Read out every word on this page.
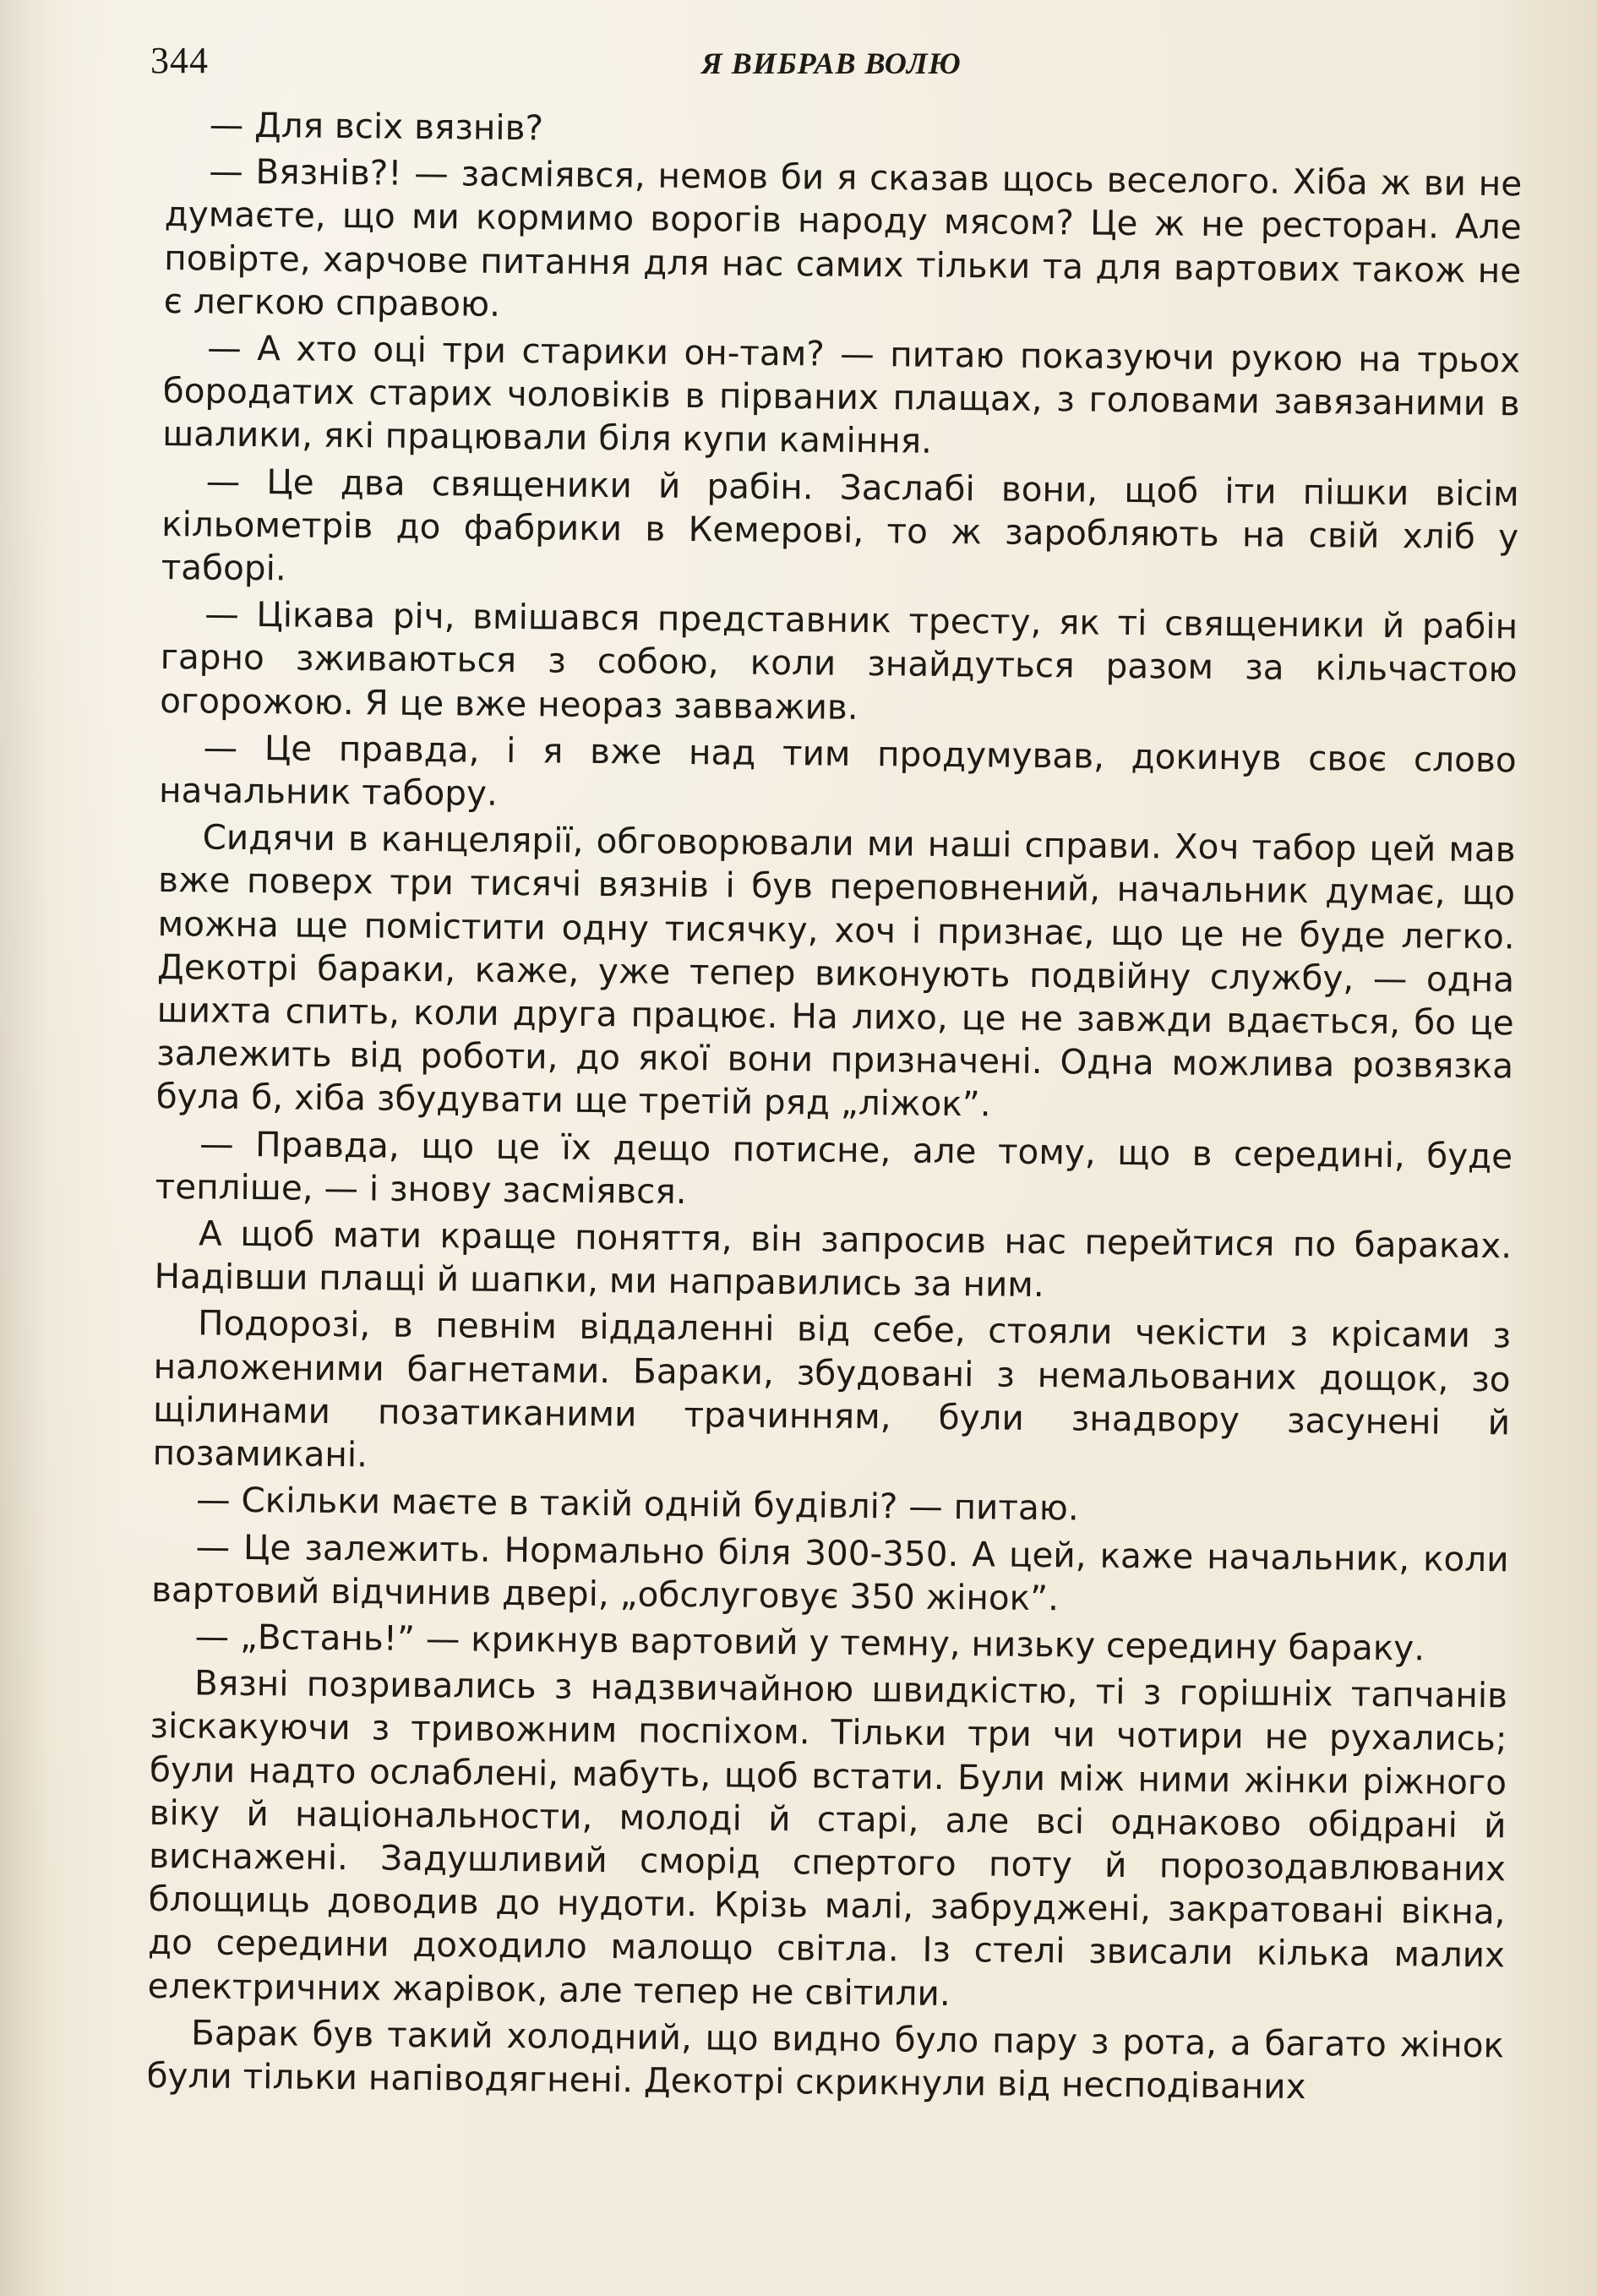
344	Я ВИБРАВ ВОЛЮ

— Для всіх вязнів?

— Вязнів?! — засміявся, немов би я сказав щось веселого. Хіба ж ви не думаєте, що ми кормимо ворогів народу мясом? Це ж не ресторан. Але повірте, харчове питання для нас самих тільки та для вартових також не є легкою справою.

— А хто оці три старики он-там? — питаю показуючи рукою на трьох бородатих старих чоловіків в пірваних плащах, з головами завязаними в шалики, які працювали біля купи каміння.

— Це два священики й рабін. Заслабі вони, щоб іти пішки вісім кільометрів до фабрики в Кемерові, то ж заробляють на свій хліб у таборі.

— Цікава річ, вмішався представник тресту, як ті священики й рабін гарно зживаються з собою, коли знайдуться разом за кільчастою огорожою. Я це вже неораз завважив.

— Це правда, і я вже над тим продумував, докинув своє слово начальник табору.

Сидячи в канцелярії, обговорювали ми наші справи. Хоч табор цей мав вже поверх три тисячі вязнів і був переповнений, начальник думає, що можна ще помістити одну тисячку, хоч і признає, що це не буде легко. Декотрі бараки, каже, уже тепер виконують подвійну службу, — одна шихта спить, коли друга працює. На лихо, це не завжди вдається, бо це залежить від роботи, до якої вони призначені. Одна можлива розвязка була б, хіба збудувати ще третій ряд „ліжок”.

— Правда, що це їх дещо потисне, але тому, що в середині, буде тепліше, — і знову засміявся.

А щоб мати краще поняття, він запросив нас перейтися по бараках. Надівши плащі й шапки, ми направились за ним.

Подорозі, в певнім віддаленні від себе, стояли чекісти з крісами з наложеними багнетами. Бараки, збудовані з немальованих дощок, зо щілинами позатиканими трачинням, були знадвору засунені й позамикані.

— Скільки маєте в такій одній будівлі? — питаю.

— Це залежить. Нормально біля 300-350. А цей, каже начальник, коли вартовий відчинив двері, „обслуговує 350 жінок”.

— „Встань!” — крикнув вартовий у темну, низьку середину бараку.

Вязні позривались з надзвичайною швидкістю, ті з горішніх тапчанів зіскакуючи з тривожним поспіхом. Тільки три чи чотири не рухались; були надто ослаблені, мабуть, щоб встати. Були між ними жінки ріжного віку й національности, молоді й старі, але всі однаково обідрані й виснажені. Задушливий сморід спертого поту й порозодавлюваних блощиць доводив до нудоти. Крізь малі, забруджені, закратовані вікна, до середини доходило малощо світла. Із стелі звисали кілька малих електричних жарівок, але тепер не світили.

Барак був такий холодний, що видно було пару з рота, а багато жінок були тільки напіводягнені. Декотрі скрикнули від несподіваних
